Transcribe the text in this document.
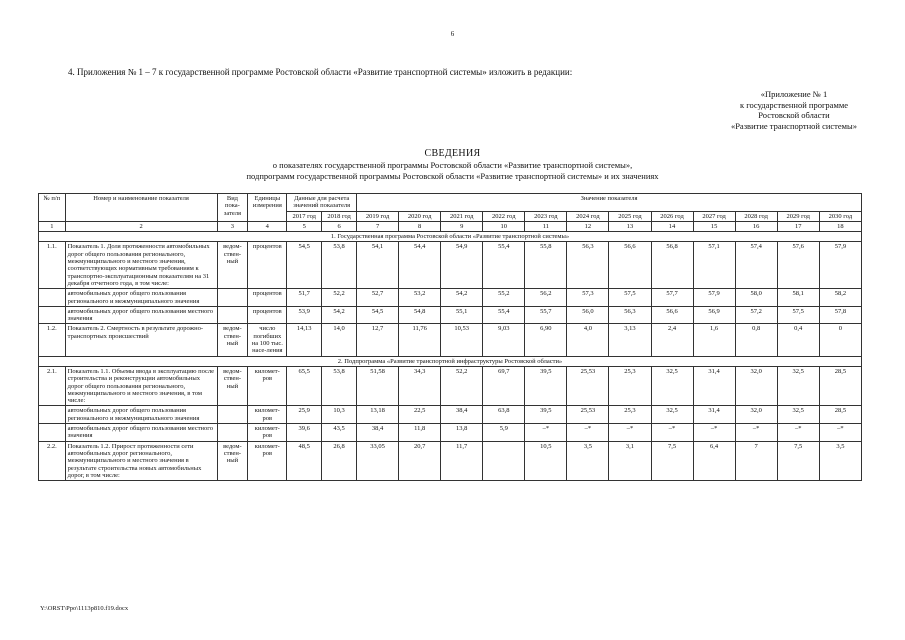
6
4. Приложения № 1 – 7 к государственной программе Ростовской области «Развитие транспортной системы» изложить в редакции:
«Приложение № 1
к государственной программе
Ростовской области
«Развитие транспортной системы»
СВЕДЕНИЯ
о показателях государственной программы Ростовской области «Развитие транспортной системы»,
подпрограмм государственной программы Ростовской области «Развитие транспортной системы» и их значениях
№ п/п	Номер и наименование показателя	Вид пока-зателя	Единицы измерения	Данные для расчета значений показателя		Значение показателя											
				2017 год	2018 год	2019 год	2020 год	2021 год	2022 год	2023 год	2024 год	2025 год	2026 год	2027 год	2028 год	2029 год	2030 год
1	2	3	4	5	6	7	8	9	10	11	12	13	14	15	16	17	18
1. Государственная программа Ростовской области «Развитие транспортной системы»																	
1.1.	Показатель 1. Доля протяженности автомобильных дорог общего пользования регионального, межмуниципального и местного значения, соответствующих нормативным требованиям к транспортно-эксплуатационным показателям на 31 декабря отчетного года, в том числе:	ведом-ствен-ный	процентов	54,5	53,8	54,1	54,4	54,9	55,4	55,8	56,3	56,6	56,8	57,1	57,4	57,6	57,9
	автомобильных дорог общего пользования регионального и межмуниципального значения		процентов	51,7	52,2	52,7	53,2	54,2	55,2	56,2	57,3	57,5	57,7	57,9	58,0	58,1	58,2
	автомобильных дорог общего пользования местного значения		процентов	53,9	54,2	54,5	54,8	55,1	55,4	55,7	56,0	56,3	56,6	56,9	57,2	57,5	57,8
1.2.	Показатель 2. Смертность в результате дорожно-транспортных происшествий	ведом-ствен-ный	число погибших на 100 тыс. насе-ления	14,13	14,0	12,7	11,76	10,53	9,03	6,90	4,0	3,13	2,4	1,6	0,8	0,4	0
2. Подпрограмма «Развитие транспортной инфраструктуры Ростовской области»																	
2.1.	Показатель 1.1. Объемы ввода в эксплуатацию после строительства и реконструкции автомобильных дорог общего пользования регионального, межмуниципального и местного значения, в том числе:	ведом-ствен-ный	километ-ров	65,5	53,8	51,58	34,3	52,2	69,7	39,5	25,53	25,3	32,5	31,4	32,0	32,5	28,5
	автомобильных дорог общего пользования регионального и межмуниципального значения		километ-ров	25,9	10,3	13,18	22,5	38,4	63,8	39,5	25,53	25,3	32,5	31,4	32,0	32,5	28,5
	автомобильных дорог общего пользования местного значения		километ-ров	39,6	43,5	38,4	11,8	13,8	5,9	–*	–*	–*	–*	–*	–*	–*	–*
2.2.	Показатель 1.2. Прирост протяженности сети автомобильных дорог регионального, межмуниципального и местного значения в результате строительства новых автомобильных дорог, в том числе:	ведом-ствен-ный	километ-ров	48,5	26,8	33,05	20,7	11,7		10,5	3,5	3,1	7,5	6,4	7	7,5	3,5
Y:\ORST\Ppo\1113p810.f19.docx
